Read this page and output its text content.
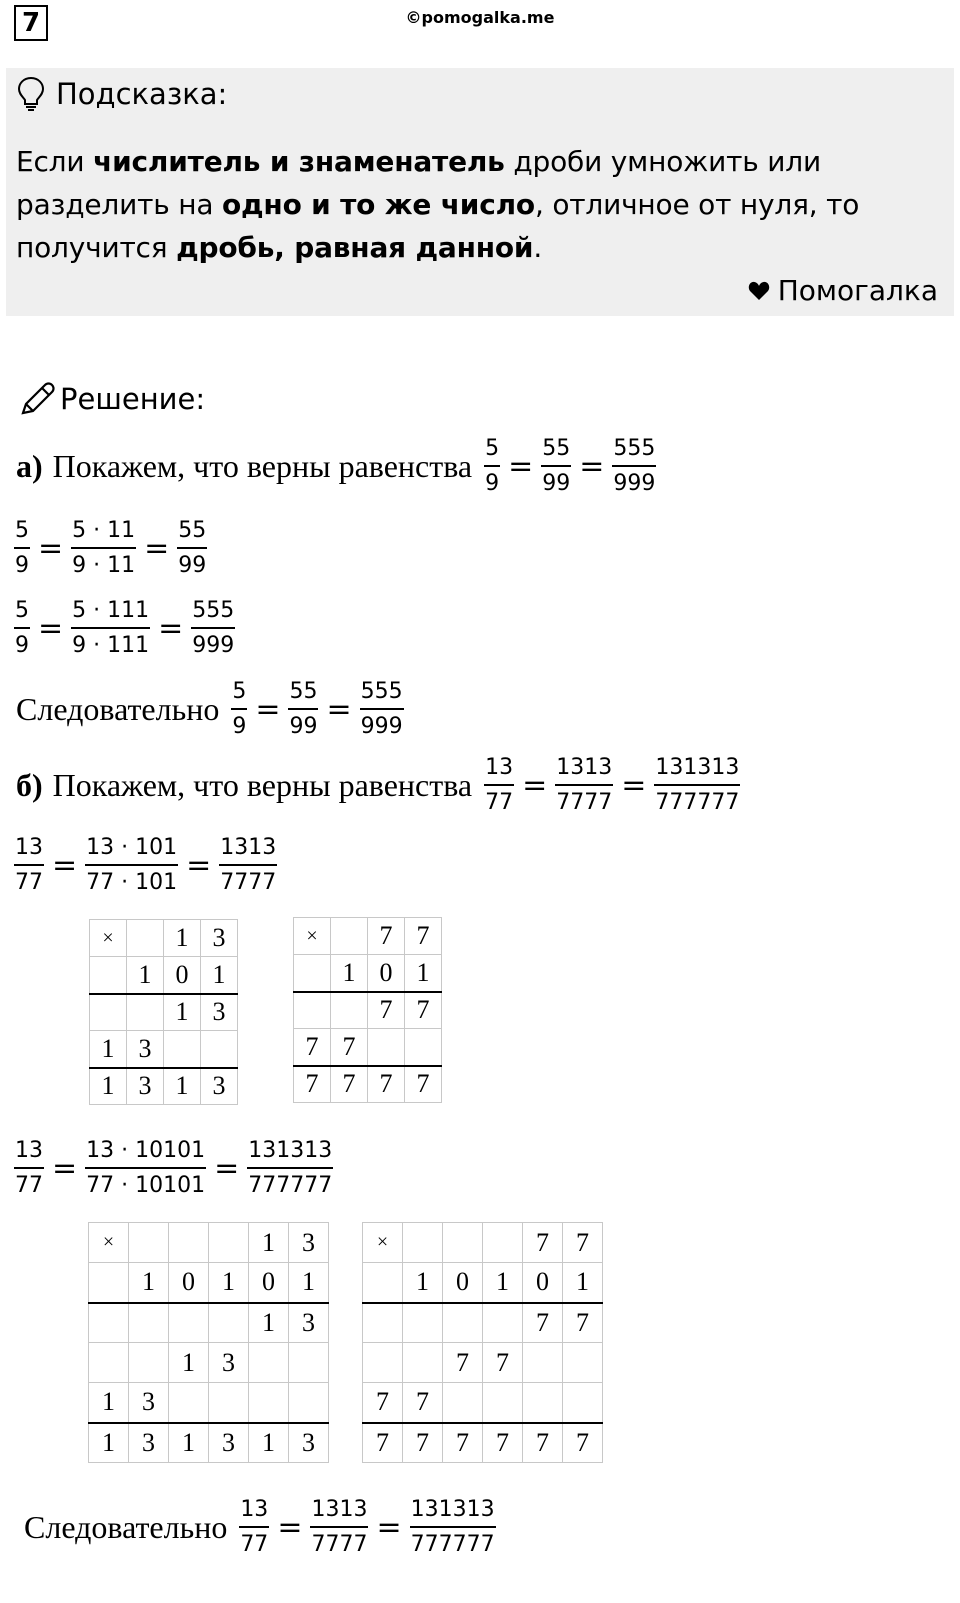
7	©pomogalka.me
Подсказка:
Если числитель и знаменатель дроби умножить или разделить на одно и то же число, отличное от нуля, то получится дробь, равная данной.
Помогалка
Решение:
а) Покажем, что верны равенства $\frac{5}{9} = \frac{55}{99} = \frac{555}{999}$
$\frac{5}{9} = \frac{5 \cdot 11}{9 \cdot 11} = \frac{55}{99}$
$\frac{5}{9} = \frac{5 \cdot 111}{9 \cdot 111} = \frac{555}{999}$
Следовательно $\frac{5}{9} = \frac{55}{99} = \frac{555}{999}$
б) Покажем, что верны равенства $\frac{13}{77} = \frac{1313}{7777} = \frac{131313}{777777}$
$\frac{13}{77} = \frac{13 \cdot 101}{77 \cdot 101} = \frac{1313}{7777}$
×		1	3
	1	0	1
		1	3
1	3		
1	3	1	3
×		7	7
	1	0	1
		7	7
7	7		
7	7	7	7
$\frac{13}{77} = \frac{13 \cdot 10101}{77 \cdot 10101} = \frac{131313}{777777}$
×				1	3
	1	0	1	0	1
				1	3
		1	3		
1	3				
1	3	1	3	1	3
×				7	7
	1	0	1	0	1
				7	7
		7	7		
7	7				
7	7	7	7	7	7
Следовательно $\frac{13}{77} = \frac{1313}{7777} = \frac{131313}{777777}$
